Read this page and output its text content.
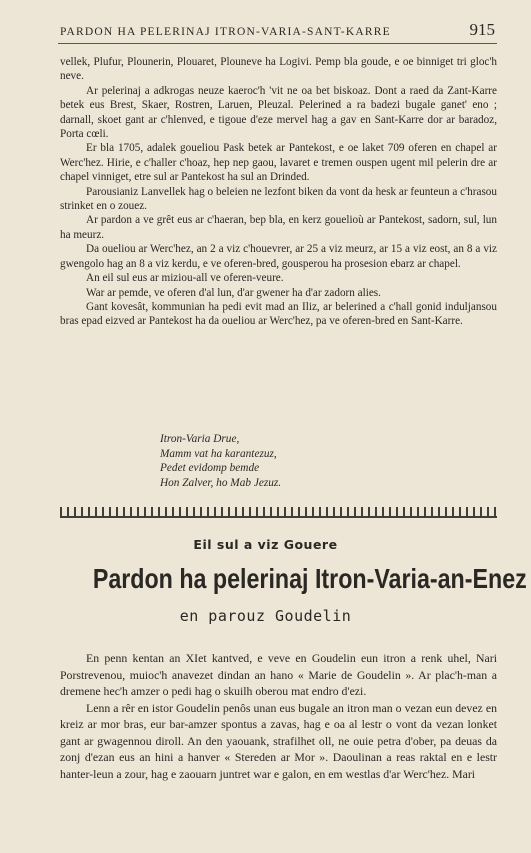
PARDON HA PELERINAJ ITRON-VARIA-SANT-KARRE	915

vellek, Plufur, Plounerin, Plouaret, Plouneve ha Logivi. Pemp bla goude, e oe binniget tri gloc'h neve.

Ar pelerinaj a adkrogas neuze kaeroc'h 'vit ne oa bet biskoaz. Dont a raed da Zant-Karre betek eus Brest, Skaer, Rostren, Laruen, Pleuzal. Pelerined a ra badezi bugale ganet' eno ; darnall, skoet gant ar c'hlenved, e tigoue d'eze mervel hag a gav en Sant-Karre dor ar baradoz, Porta cœli.

Er bla 1705, adalek goueliou Pask betek ar Pantekost, e oe laket 709 oferen en chapel ar Werc'hez. Hirie, e c'haller c'hoaz, hep nep gaou, lavaret e tremen ouspen ugent mil pelerin dre ar chapel vinniget, etre sul ar Pantekost ha sul an Drinded.

Parousianiz Lanvellek hag o beleien ne lezfont biken da vont da hesk ar feunteun a c'hrasou strinket en o zouez.

Ar pardon a ve grêt eus ar c'haeran, bep bla, en kerz gouelioù ar Pantekost, sadorn, sul, lun ha meurz.

Da oueliou ar Werc'hez, an 2 a viz c'houevrer, ar 25 a viz meurz, ar 15 a viz eost, an 8 a viz gwengolo hag an 8 a viz kerdu, e ve oferen-bred, gousperou ha prosesion ebarz ar chapel.

An eil sul eus ar miziou-all ve oferen-veure.

War ar pemde, ve oferen d'al lun, d'ar gwener ha d'ar zadorn alies.

Gant kovesât, kommunian ha pedi evit mad an Iliz, ar belerined a c'hall gonid induljansou bras epad eizved ar Pantekost ha da oueliou ar Werc'hez, pa ve oferen-bred en Sant-Karre.

Itron-Varia Drue,
Mamm vat ha karantezuz,
Pedet evidomp bemde
Hon Zalver, ho Mab Jezuz.
Eil sul a viz Gouere
Pardon ha pelerinaj Itron-Varia-an-Enez
en parouz Goudelin

En penn kentan an XIet kantved, e veve en Goudelin eun itron a renk uhel, Nari Porstrevenou, muioc'h anavezet dindan an hano « Marie de Goudelin ». Ar plac'h-man a dremene hec'h amzer o pedi hag o skuilh oberou mat endro d'ezi.

Lenn a rêr en istor Goudelin penôs unan eus bugale an itron man o vezan eun devez en kreiz ar mor bras, eur bar-amzer spontus a zavas, hag e oa al lestr o vont da vezan lonket gant ar gwagennou diroll. An den yaouank, strafilhet oll, ne ouie petra d'ober, pa deuas da zonj d'ezan eus an hini a hanver « Stereden ar Mor ». Daoulinan a reas raktal en e lestr hanter-leun a zour, hag e zaouarn juntret war e galon, en em westlas d'ar Werc'hez. Mari
